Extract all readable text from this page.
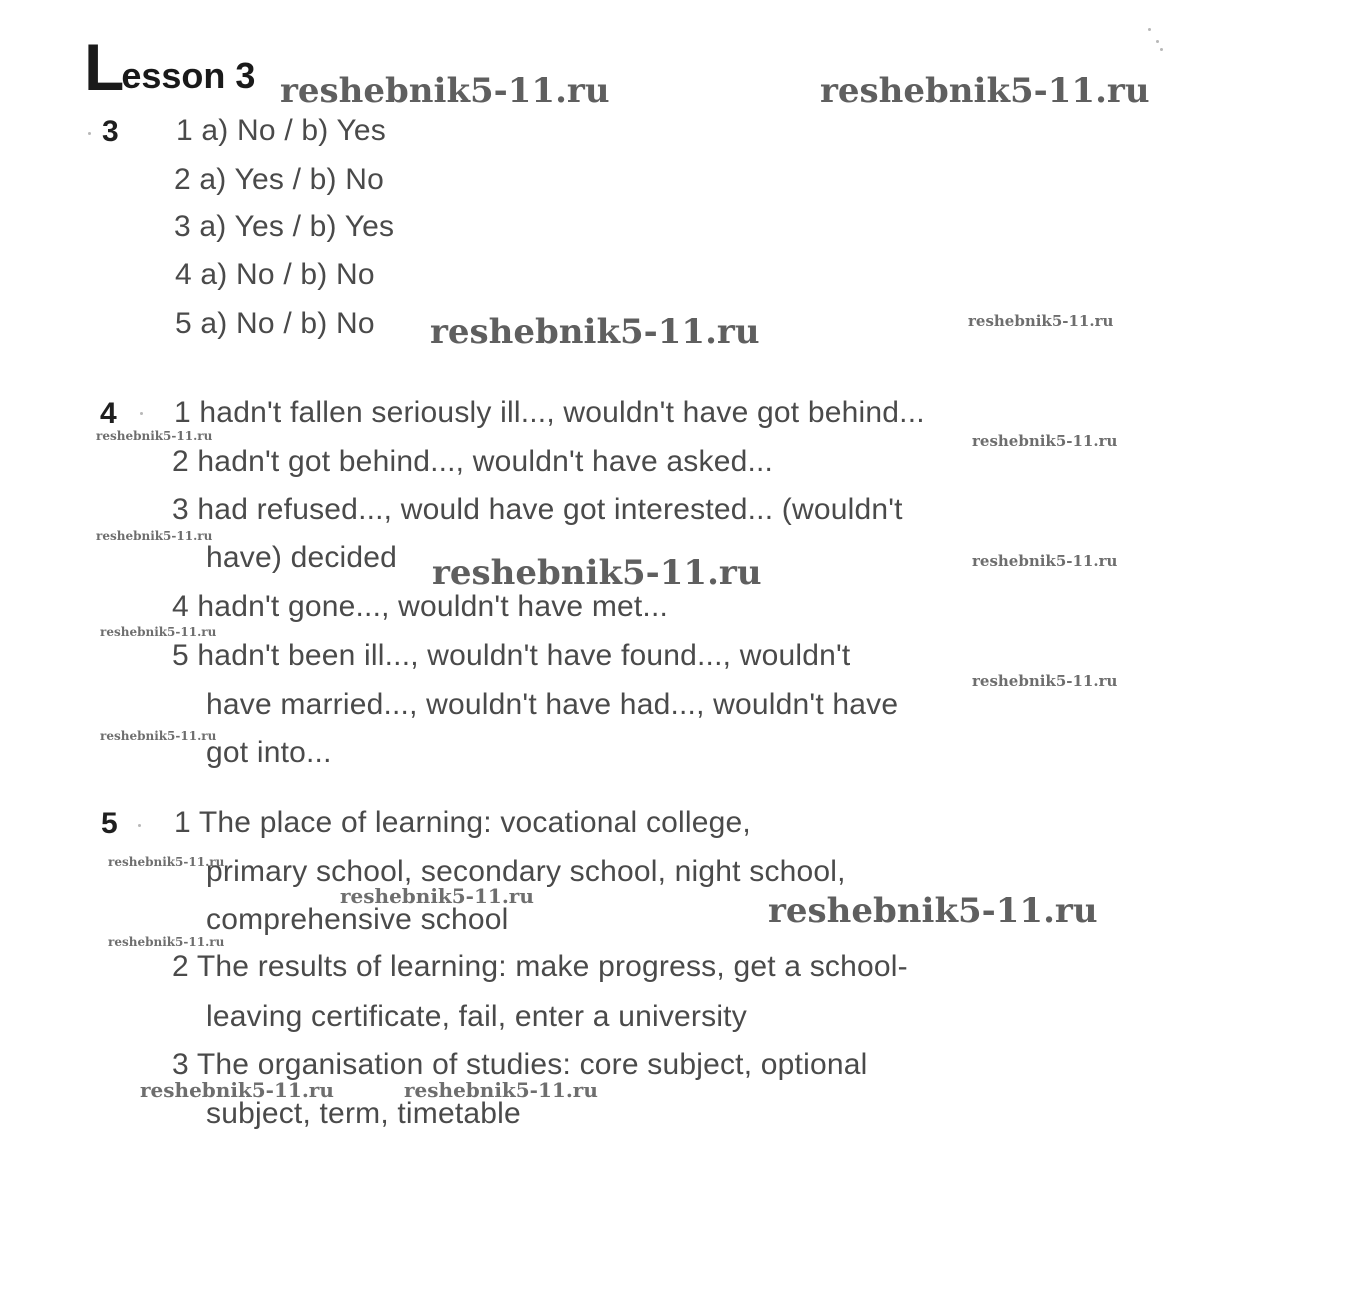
Lesson 3
3 1 a) No / b) Yes
2 a) Yes / b) No
3 a) Yes / b) Yes
4 a) No / b) No
5 a) No / b) No
4 1 hadn't fallen seriously ill..., wouldn't have got behind...
2 hadn't got behind..., wouldn't have asked...
3 had refused..., would have got interested... (wouldn't
have) decided
4 hadn't gone..., wouldn't have met...
5 hadn't been ill..., wouldn't have found..., wouldn't
have married..., wouldn't have had..., wouldn't have
got into...
5 1 The place of learning: vocational college,
primary school, secondary school, night school,
comprehensive school
2 The results of learning: make progress, get a school-
leaving certificate, fail, enter a university
3 The organisation of studies: core subject, optional
subject, term, timetable
reshebnik5-11.ru	reshebnik5-11.ru
reshebnik5-11.ru	reshebnik5-11.ru
reshebnik5-11.ru	reshebnik5-11.ru
reshebnik5-11.ru
reshebnik5-11.ru	reshebnik5-11.ru
reshebnik5-11.ru
reshebnik5-11.ru
reshebnik5-11.ru
reshebnik5-11.ru
reshebnik5-11.ru	reshebnik5-11.ru
reshebnik5-11.ru
reshebnik5-11.ru	reshebnik5-11.ru
